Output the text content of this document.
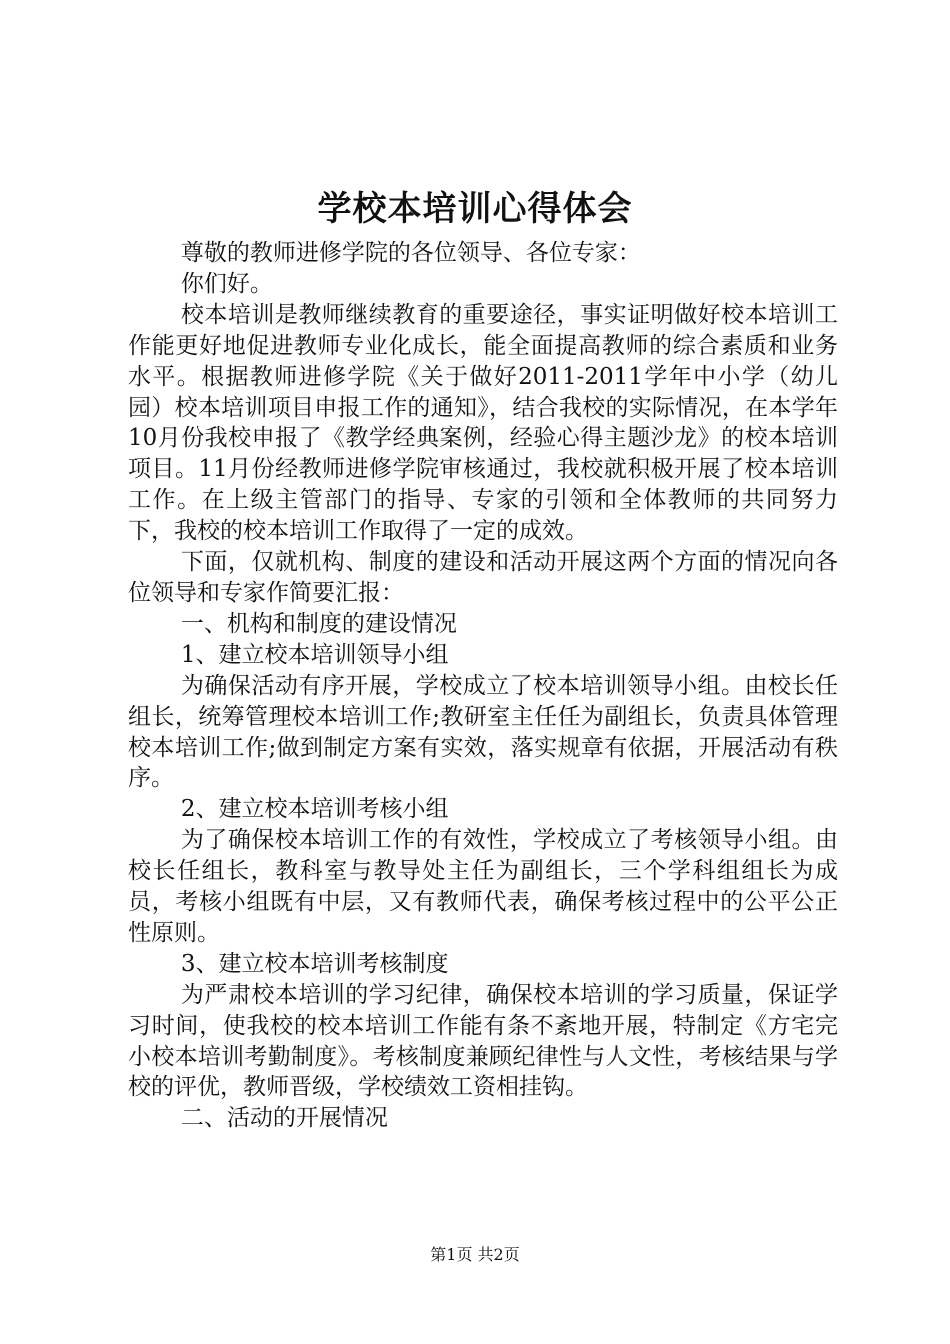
学校本培训心得体会

尊敬的教师进修学院的各位领导、各位专家：

你们好。

校本培训是教师继续教育的重要途径，事实证明做好校本培训工作能更好地促进教师专业化成长，能全面提高教师的综合素质和业务水平。根据教师进修学院《关于做好2011-2011学年中小学（幼儿园）校本培训项目申报工作的通知》，结合我校的实际情况，在本学年10月份我校申报了《教学经典案例，经验心得主题沙龙》的校本培训项目。11月份经教师进修学院审核通过，我校就积极开展了校本培训工作。在上级主管部门的指导、专家的引领和全体教师的共同努力下，我校的校本培训工作取得了一定的成效。

下面，仅就机构、制度的建设和活动开展这两个方面的情况向各位领导和专家作简要汇报：

一、机构和制度的建设情况

1、建立校本培训领导小组

为确保活动有序开展，学校成立了校本培训领导小组。由校长任组长，统筹管理校本培训工作;教研室主任任为副组长，负责具体管理校本培训工作;做到制定方案有实效，落实规章有依据，开展活动有秩序。

2、建立校本培训考核小组

为了确保校本培训工作的有效性，学校成立了考核领导小组。由校长任组长，教科室与教导处主任为副组长，三个学科组组长为成员，考核小组既有中层，又有教师代表，确保考核过程中的公平公正性原则。

3、建立校本培训考核制度

为严肃校本培训的学习纪律，确保校本培训的学习质量，保证学习时间，使我校的校本培训工作能有条不紊地开展，特制定《方宅完小校本培训考勤制度》。考核制度兼顾纪律性与人文性，考核结果与学校的评优，教师晋级，学校绩效工资相挂钩。

二、活动的开展情况

第1页 共2页
